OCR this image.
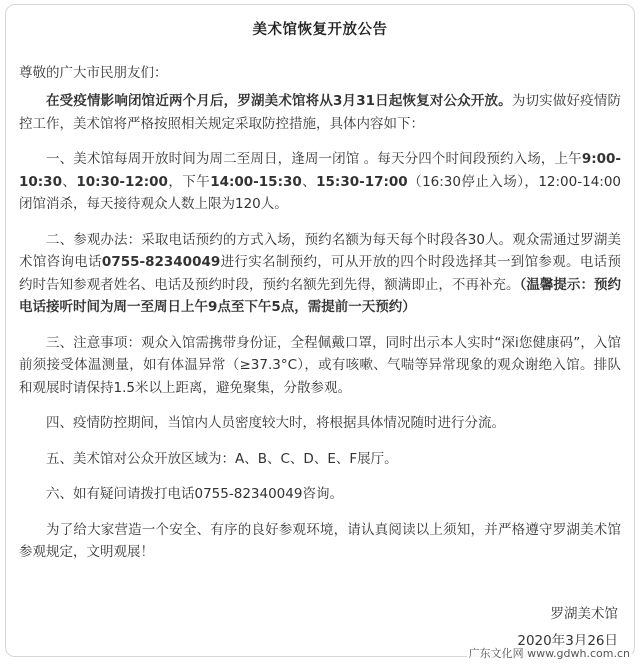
美术馆恢复开放公告
尊敬的广大市民朋友们：

在受疫情影响闭馆近两个月后，罗湖美术馆将从3月31日起恢复对公众开放。为切实做好疫情防控工作，美术馆将严格按照相关规定采取防控措施，具体内容如下：

一、美术馆每周开放时间为周二至周日，逢周一闭馆 。每天分四个时间段预约入场，上午9:00-10:30、10:30-12:00，下午14:00-15:30、15:30-17:00（16:30停止入场），12:00-14:00闭馆消杀，每天接待观众人数上限为120人。

二、参观办法：采取电话预约的方式入场，预约名额为每天每个时段各30人。观众需通过罗湖美术馆咨询电话0755-82340049进行实名制预约，可从开放的四个时段选择其一到馆参观。电话预约时告知参观者姓名、电话及预约时段，预约名额先到先得，额满即止，不再补充。（温馨提示：预约电话接听时间为周一至周日上午9点至下午5点，需提前一天预约）

三、注意事项：观众入馆需携带身份证，全程佩戴口罩，同时出示本人实时“深i您健康码”，入馆前须接受体温测量，如有体温异常（≥37.3°C），或有咳嗽、气喘等异常现象的观众谢绝入馆。排队和观展时请保持1.5米以上距离，避免聚集，分散参观。

四、疫情防控期间，当馆内人员密度较大时，将根据具体情况随时进行分流。

五、美术馆对公众开放区域为：A、B、C、D、E、F展厅。

六、如有疑问请拨打电话0755-82340049咨询。

为了给大家营造一个安全、有序的良好参观环境，请认真阅读以上须知，并严格遵守罗湖美术馆参观规定，文明观展！

罗湖美术馆
2020年3月26日
广东文化网 www.gdwh.com.cn
